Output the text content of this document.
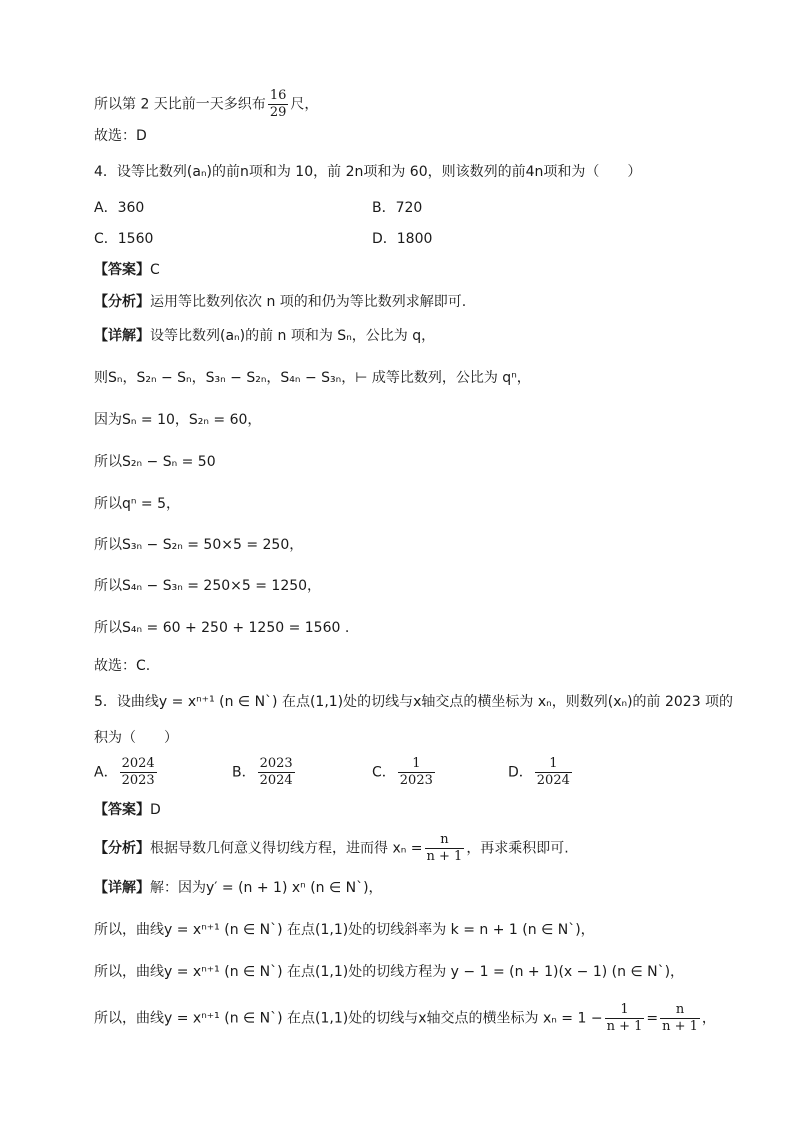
所以第 2 天比前一天多织布 $\frac{16}{29}$ 尺，
故选：D
4．设等比数列(aₙ)的前n项和为 10，前 2n项和为 60，则该数列的前4n项和为（　　）
A．360	B．720
C．1560	D．1800
【答案】C
【分析】运用等比数列依次 n 项的和仍为等比数列求解即可.
【详解】设等比数列(aₙ)的前 n 项和为 Sₙ，公比为 q，
则Sₙ，S₂ₙ − Sₙ，S₃ₙ − S₂ₙ，S₄ₙ − S₃ₙ，⊢ 成等比数列，公比为 qⁿ，
因为Sₙ = 10，S₂ₙ = 60，
所以S₂ₙ − Sₙ = 50
所以qⁿ = 5，
所以S₃ₙ − S₂ₙ = 50×5 = 250，
所以S₄ₙ − S₃ₙ = 250×5 = 1250，
所以S₄ₙ = 60 + 250 + 1250 = 1560 .
故选：C.
5．设曲线y = xⁿ⁺¹ (n ∈ N`) 在点(1,1)处的切线与x轴交点的横坐标为 xₙ，则数列(xₙ)的前 2023 项的
积为（　　）
A． $\frac{2024}{2023}$	B． $\frac{2023}{2024}$	C． $\frac{1}{2023}$	D． $\frac{1}{2024}$
【答案】D
【分析】根据导数几何意义得切线方程，进而得 $x_n = \frac{n}{n + 1}$ ，再求乘积即可.
【详解】解：因为y′ = (n + 1) xⁿ (n ∈ N`)，
所以，曲线y = xⁿ⁺¹ (n ∈ N`) 在点(1,1)处的切线斜率为 k = n + 1 (n ∈ N`)，
所以，曲线y = xⁿ⁺¹ (n ∈ N`) 在点(1,1)处的切线方程为 y − 1 = (n + 1)(x − 1) (n ∈ N`)，
所以，曲线y = xⁿ⁺¹ (n ∈ N`) 在点(1,1)处的切线与x轴交点的横坐标为 $x_n = 1 - \frac{1}{n + 1} = \frac{n}{n + 1}$ ，
